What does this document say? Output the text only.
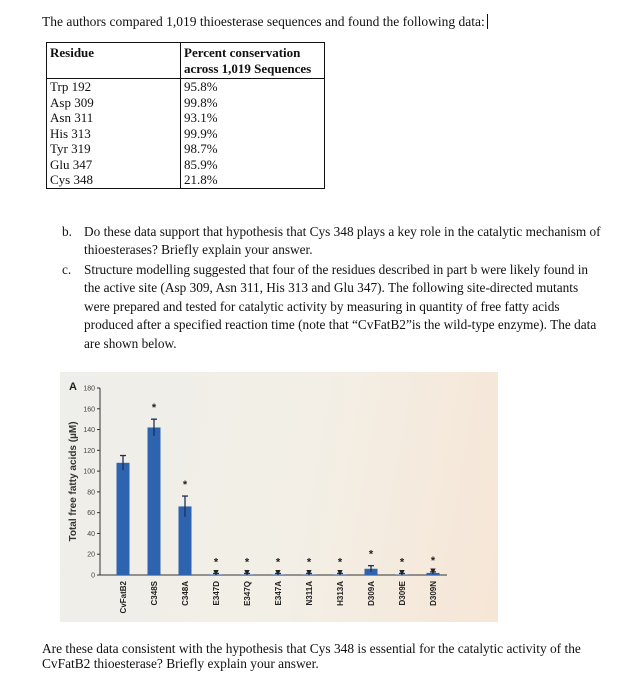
The authors compared 1,019 thioesterase sequences and found the following data:
Residue	Percent conservation across 1,019 Sequences
Trp 192	95.8%
Asp 309	99.8%
Asn 311	93.1%
His 313	99.9%
Tyr 319	98.7%
Glu 347	85.9%
Cys 348	21.8%
b. Do these data support that hypothesis that Cys 348 plays a key role in the catalytic mechanism of thioesterases? Briefly explain your answer.
c. Structure modelling suggested that four of the residues described in part b were likely found in the active site (Asp 309, Asn 311, His 313 and Glu 347). The following site-directed mutants were prepared and tested for catalytic activity by measuring in quantity of free fatty acids produced after a specified reaction time (note that “CvFatB2”is the wild-type enzyme). The data are shown below.
A
Total free fatty acids (µM)
0
20
40
60
80
100
120
140
160
180
CvFatB2
*
C348S
*
C348A
*
▼
E347D
*
▼
E347Q
*
▼
E347A
*
▼
N311A
*
▼
H313A
*
D309A
*
▼
D309E
*
▼
D309N
Are these data consistent with the hypothesis that Cys 348 is essential for the catalytic activity of the CvFatB2 thioesterase? Briefly explain your answer.
